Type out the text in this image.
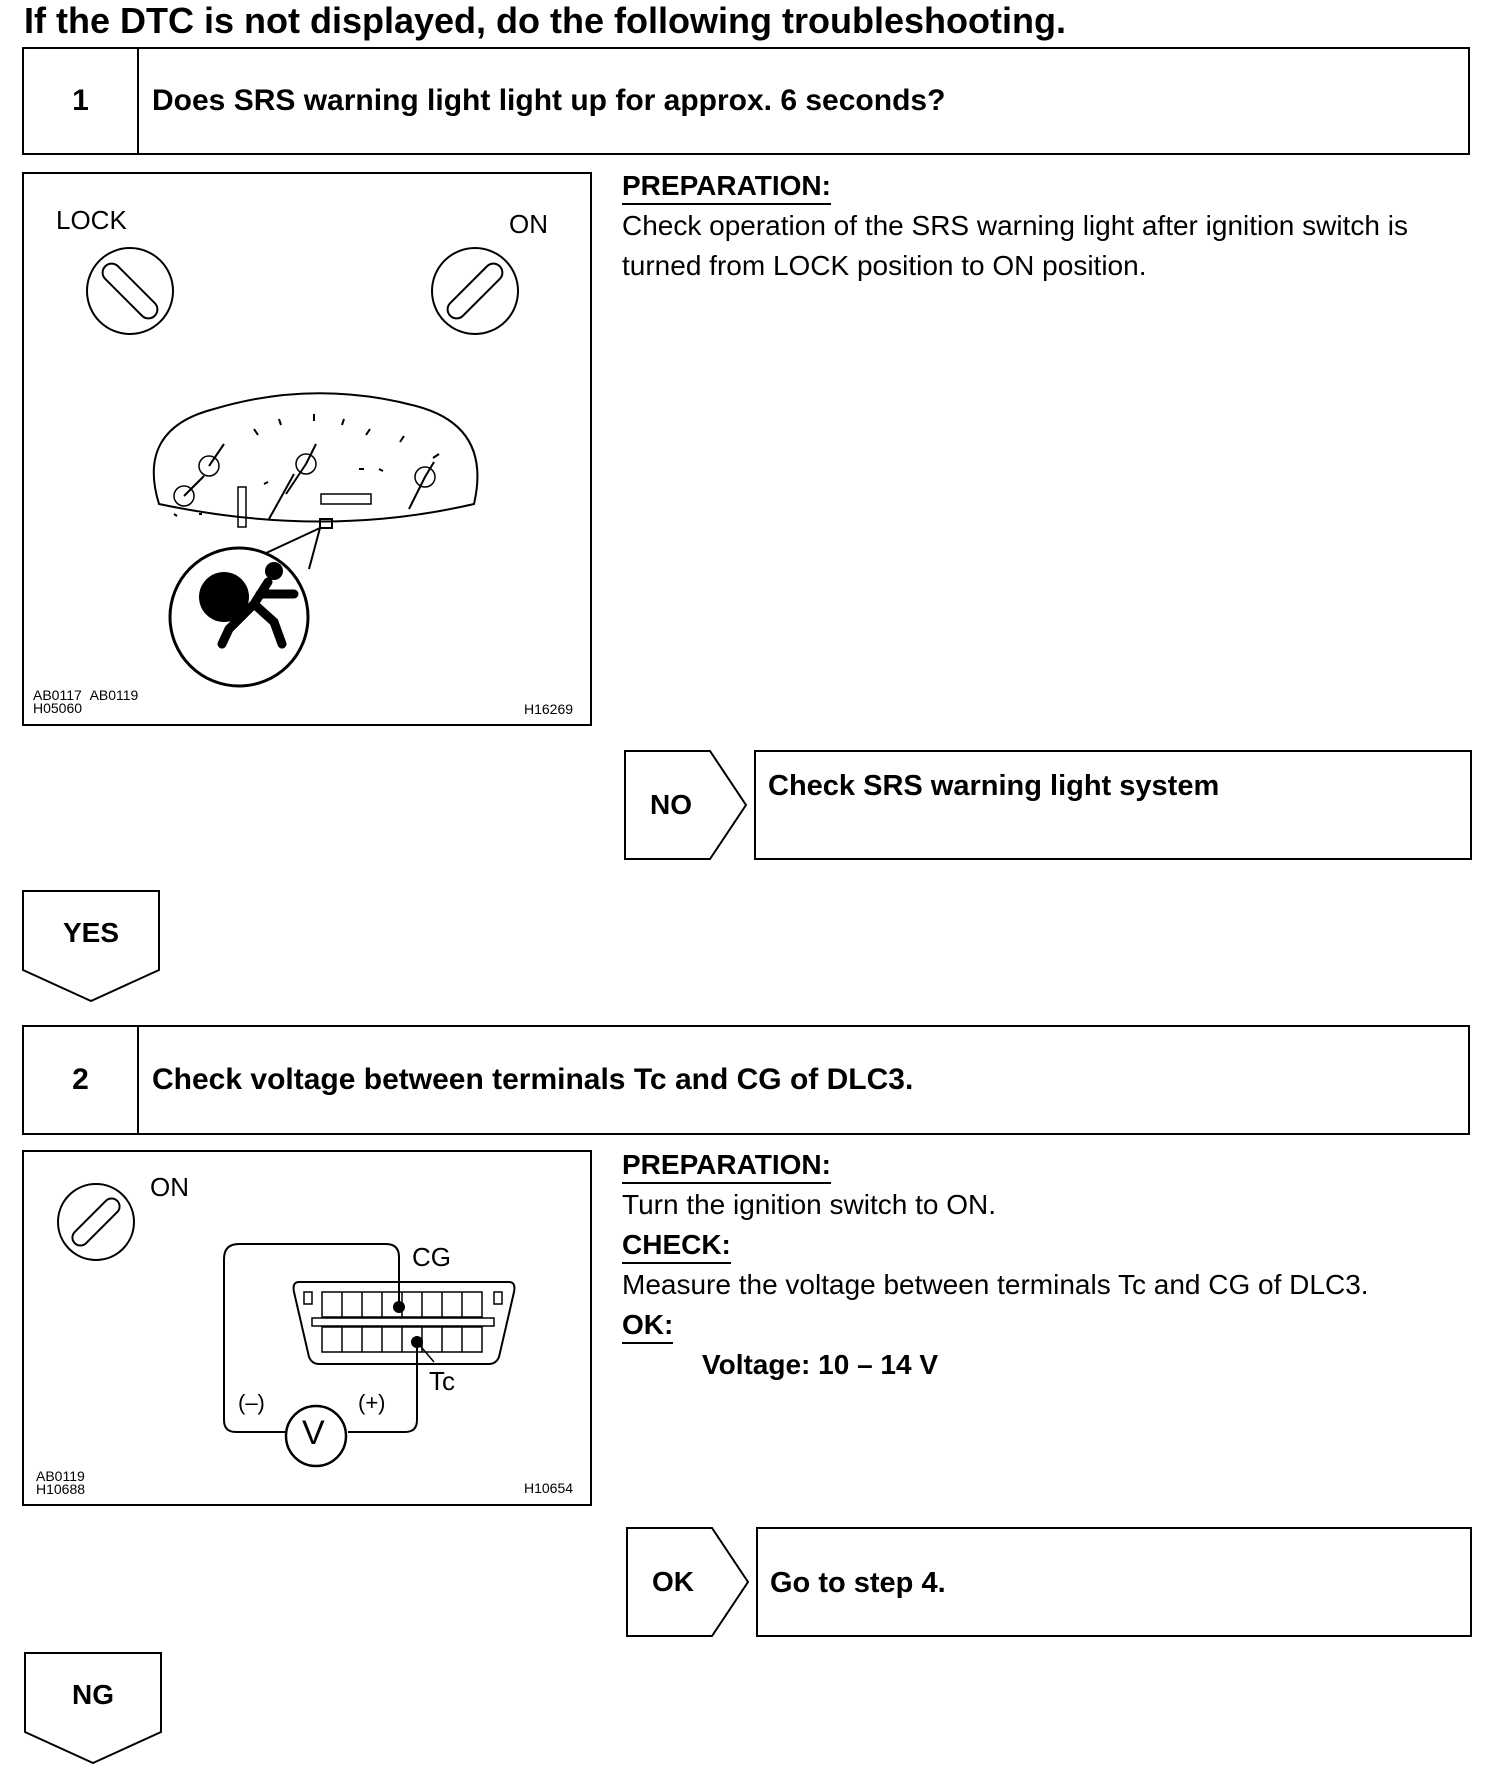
If the DTC is not displayed, do the following troubleshooting.
1	Does SRS warning light light up for approx. 6 seconds?
LOCK	ON
AB0117 AB0119
H05060	H16269
PREPARATION:
Check operation of the SRS warning light after ignition switch is turned from LOCK position to ON position.
NO
Check SRS warning light system
YES
2	Check voltage between terminals Tc and CG of DLC3.
ON
CG
Tc
(–)	(+)
V
AB0119
H10688	H10654
PREPARATION:
Turn the ignition switch to ON.
CHECK:
Measure the voltage between terminals Tc and CG of DLC3.
OK:
Voltage: 10 – 14 V
OK	Go to step 4.
NG
